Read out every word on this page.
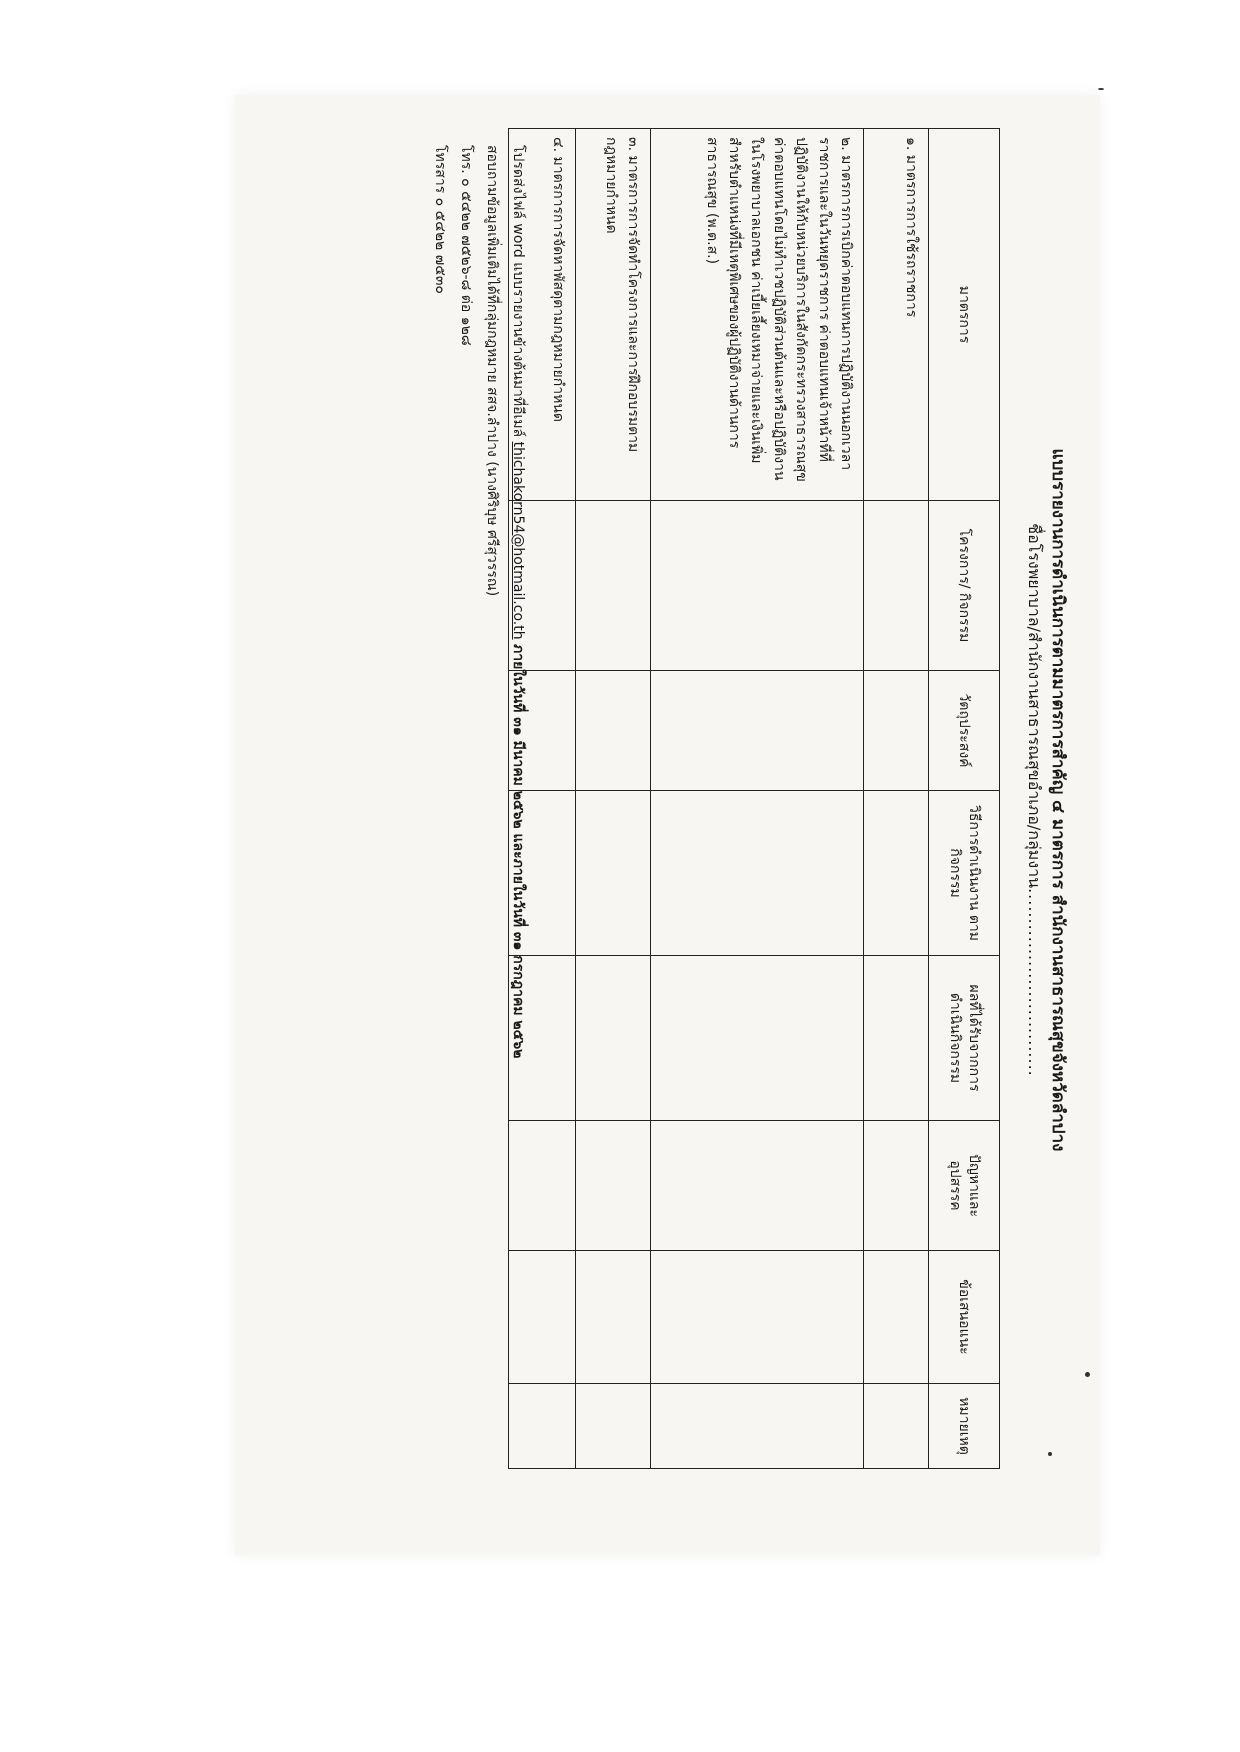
แบบรายงานการดำเนินการตามมาตรการสำคัญ ๔ มาตรการ สำนักงานสาธารณสุขจังหวัดลำปาง
ชื่อโรงพยาบาล/สำนักงานสาธารณสุขอำเภอ/กลุ่มงาน...............................
มาตรการ	โครงการ/ กิจกรรม	วัตถุประสงค์	วิธีการดำเนินงาน ตามกิจกรรม	ผลที่ได้รับจากการ ดำเนินกิจกรรม	ปัญหาและ อุปสรรค	ข้อเสนอแนะ	หมายเหตุ
๑. มาตรการการใช้รถราชการ							
๒. มาตรการการเบิกค่าตอบแทนการปฏิบัติงานนอกเวลาราชการและในวันหยุดราชการ ค่าตอบแทนเจ้าหน้าที่ที่ปฏิบัติงานให้กับหน่วยบริการในสังกัดกระทรวงสาธารณสุข ค่าตอบแทนโดยไม่ทำเวชปฏิบัติส่วนต้นและหรือปฏิบัติงานในโรงพยาบาลเอกชน ค่าเบี้ยเลี้ยงเหมาจ่ายและเงินเพิ่มสำหรับตำแหน่งที่มีเหตุพิเศษของผู้ปฏิบัติงานด้านการสาธารณสุข (พ.ต.ส.)							
๓. มาตรการการจัดทำโครงการและการฝึกอบรมตามกฎหมายกำหนด							
๔. มาตรการการจัดหาพัสดุตามกฎหมายกำหนด							
โปรดส่งไฟล์ word แบบรายงานข้างต้นมาที่อีเมล์ thichakorn54@hotmail.co.th ภายในวันที่ ๓๑ มีนาคม ๒๕๖๒ และภายในวันที่ ๓๑ กรกฎาคม ๒๕๖๒
สอบถามข้อมูลเพิ่มเติมได้ที่กลุ่มกฎหมาย สสจ.ลำปาง (นางศิริบุษ ศรีสุวรรณ)
โทร. ๐ ๕๔๒๒ ๗๕๒๖-๘ ต่อ ๑๒๘
โทรสาร ๐ ๕๔๒๒ ๗๕๓๐
